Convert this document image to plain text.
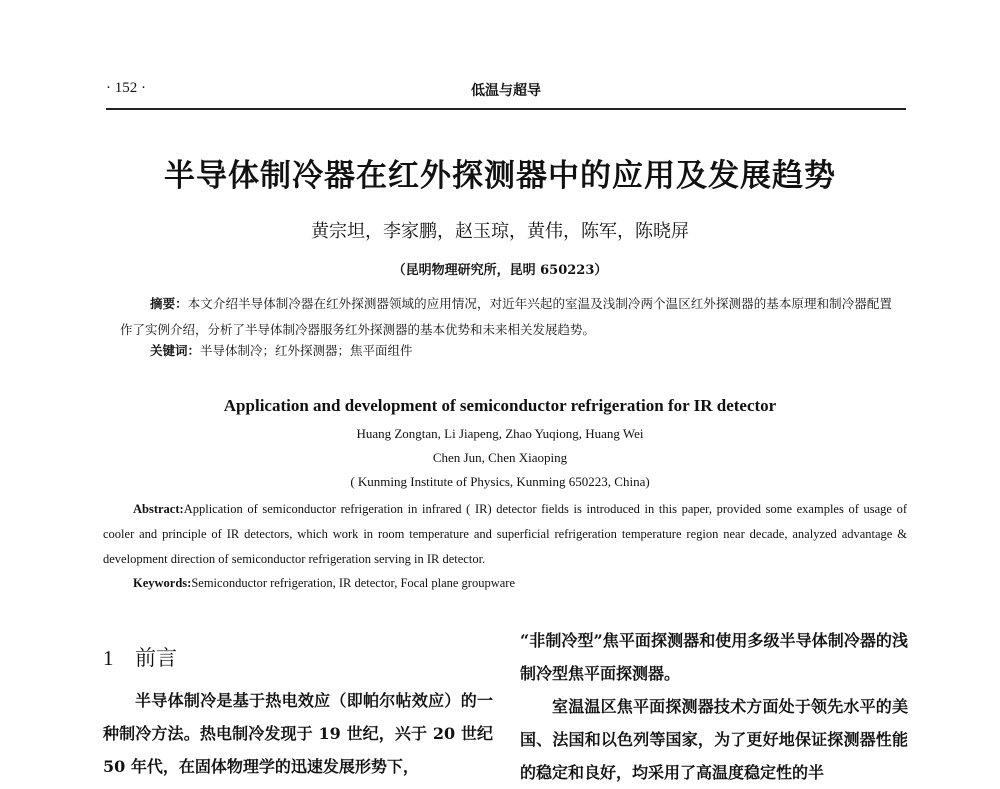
· 152 ·	低温与超导
半导体制冷器在红外探测器中的应用及发展趋势
黄宗坦，李家鹏，赵玉琼，黄伟，陈军，陈晓屏
（昆明物理研究所，昆明 650223）
摘要：本文介绍半导体制冷器在红外探测器领域的应用情况，对近年兴起的室温及浅制冷两个温区红外探测器的基本原理和制冷器配置作了实例介绍，分析了半导体制冷器服务红外探测器的基本优势和未来相关发展趋势。
关键词：半导体制冷；红外探测器；焦平面组件
Application and development of semiconductor refrigeration for IR detector
Huang Zongtan, Li Jiapeng, Zhao Yuqiong, Huang Wei
Chen Jun, Chen Xiaoping
( Kunming Institute of Physics, Kunming 650223, China)
Abstract:Application of semiconductor refrigeration in infrared ( IR) detector fields is introduced in this paper, provided some examples of usage of cooler and principle of IR detectors, which work in room temperature and superficial refrigeration temperature region near decade, analyzed advantage & development direction of semiconductor refrigeration serving in IR detector.
Keywords:Semiconductor refrigeration, IR detector, Focal plane groupware
1 前言
半导体制冷是基于热电效应（即帕尔帖效应）的一种制冷方法。热电制冷发现于 19 世纪，兴于 20 世纪 50 年代，在固体物理学的迅速发展形势下，

“非制冷型”焦平面探测器和使用多级半导体制冷器的浅制冷型焦平面探测器。

室温温区焦平面探测器技术方面处于领先水平的美国、法国和以色列等国家，为了更好地保证探测器性能的稳定和良好，均采用了高温度稳定性的半
